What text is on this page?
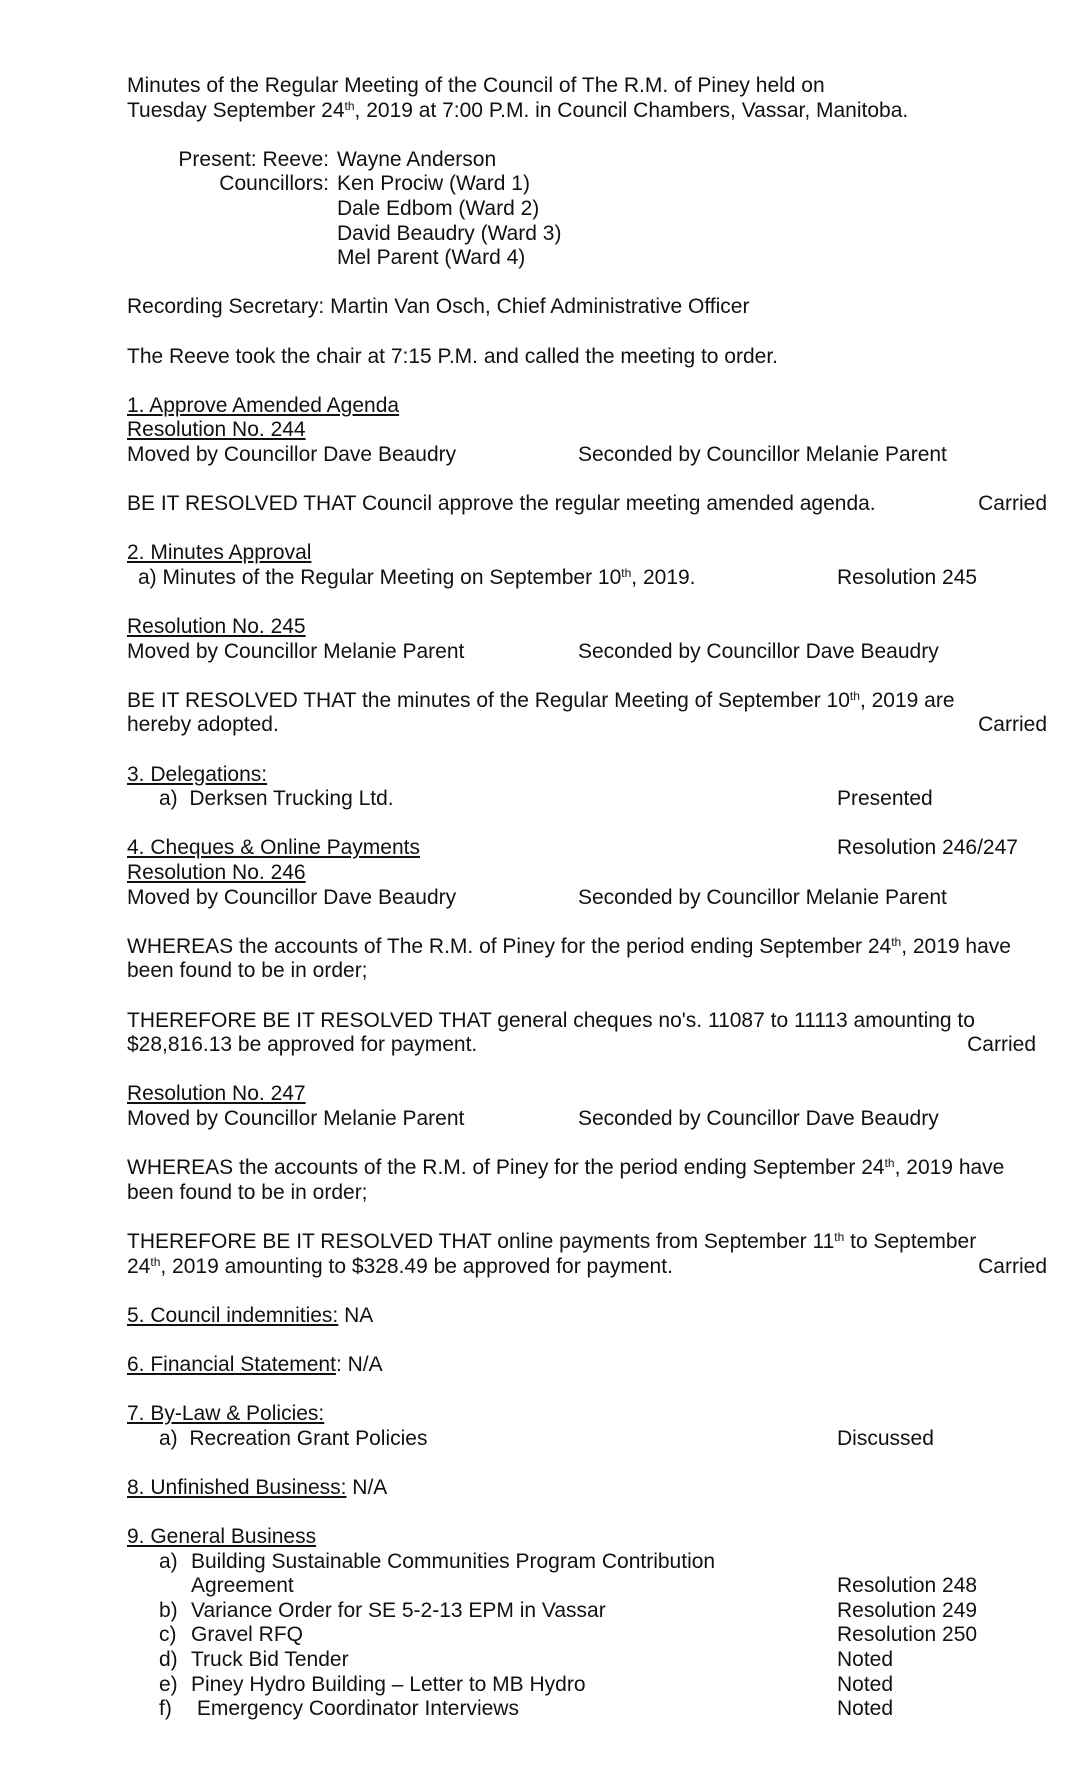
Minutes of the Regular Meeting of the Council of The R.M. of Piney held on
Tuesday September 24th, 2019 at 7:00 P.M. in Council Chambers, Vassar, Manitoba.
Present: Reeve: Wayne Anderson
Councillors: Ken Prociw (Ward 1)
Dale Edbom (Ward 2)
David Beaudry (Ward 3)
Mel Parent (Ward 4)
Recording Secretary: Martin Van Osch, Chief Administrative Officer
The Reeve took the chair at 7:15 P.M. and called the meeting to order.
1. Approve Amended Agenda
Resolution No. 244
Moved by Councillor Dave Beaudry	Seconded by Councillor Melanie Parent
BE IT RESOLVED THAT Council approve the regular meeting amended agenda.	Carried
2. Minutes Approval
a) Minutes of the Regular Meeting on September 10th, 2019.	Resolution 245
Resolution No. 245
Moved by Councillor Melanie Parent	Seconded by Councillor Dave Beaudry
BE IT RESOLVED THAT the minutes of the Regular Meeting of September 10th, 2019 are
hereby adopted.	Carried
3. Delegations:
a) Derksen Trucking Ltd.	Presented
4. Cheques & Online Payments	Resolution 246/247
Resolution No. 246
Moved by Councillor Dave Beaudry	Seconded by Councillor Melanie Parent
WHEREAS the accounts of The R.M. of Piney for the period ending September 24th, 2019 have
been found to be in order;
THEREFORE BE IT RESOLVED THAT general cheques no's. 11087 to 11113 amounting to
$28,816.13 be approved for payment.	Carried
Resolution No. 247
Moved by Councillor Melanie Parent	Seconded by Councillor Dave Beaudry
WHEREAS the accounts of the R.M. of Piney for the period ending September 24th, 2019 have
been found to be in order;
THEREFORE BE IT RESOLVED THAT online payments from September 11th to September
24th, 2019 amounting to $328.49 be approved for payment.	Carried
5. Council indemnities: NA
6. Financial Statement: N/A
7. By-Law & Policies:
a) Recreation Grant Policies	Discussed
8. Unfinished Business: N/A
9. General Business
a) Building Sustainable Communities Program Contribution
Agreement	Resolution 248
b) Variance Order for SE 5-2-13 EPM in Vassar	Resolution 249
c) Gravel RFQ	Resolution 250
d) Truck Bid Tender	Noted
e) Piney Hydro Building – Letter to MB Hydro	Noted
f) Emergency Coordinator Interviews	Noted
